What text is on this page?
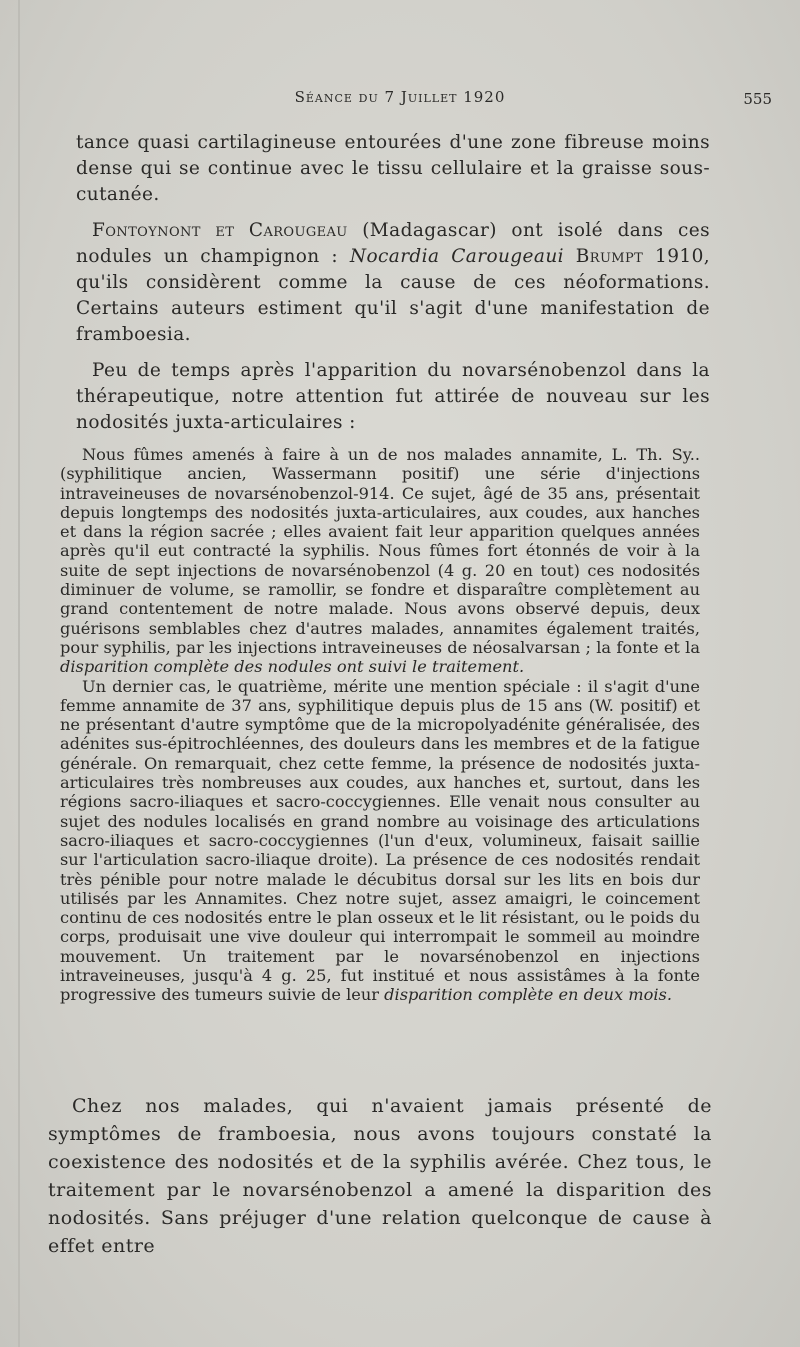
Séance du 7 Juillet 1920	555

tance quasi cartilagineuse entourées d'une zone fibreuse moins dense qui se continue avec le tissu cellulaire et la graisse sous-cutanée.

Fontoynont et Carougeau (Madagascar) ont isolé dans ces nodules un champignon : Nocardia Carougeaui Brumpt 1910, qu'ils considèrent comme la cause de ces néoformations. Certains auteurs estiment qu'il s'agit d'une manifestation de framboesia.

Peu de temps après l'apparition du novarsénobenzol dans la thérapeutique, notre attention fut attirée de nouveau sur les nodosités juxta-articulaires :

Nous fûmes amenés à faire à un de nos malades annamite, L. Th. Sy.. (syphilitique ancien, Wassermann positif) une série d'injections intraveineuses de novarsénobenzol-914. Ce sujet, âgé de 35 ans, présentait depuis longtemps des nodosités juxta-articulaires, aux coudes, aux hanches et dans la région sacrée ; elles avaient fait leur apparition quelques années après qu'il eut contracté la syphilis. Nous fûmes fort étonnés de voir à la suite de sept injections de novarsénobenzol (4 g. 20 en tout) ces nodosités diminuer de volume, se ramollir, se fondre et disparaître complètement au grand contentement de notre malade. Nous avons observé depuis, deux guérisons semblables chez d'autres malades, annamites également traités, pour syphilis, par les injections intraveineuses de néosalvarsan ; la fonte et la disparition complète des nodules ont suivi le traitement.

Un dernier cas, le quatrième, mérite une mention spéciale : il s'agit d'une femme annamite de 37 ans, syphilitique depuis plus de 15 ans (W. positif) et ne présentant d'autre symptôme que de la micropolyadénite généralisée, des adénites sus-épitrochléennes, des douleurs dans les membres et de la fatigue générale. On remarquait, chez cette femme, la présence de nodosités juxta-articulaires très nombreuses aux coudes, aux hanches et, surtout, dans les régions sacro-iliaques et sacro-coccygiennes. Elle venait nous consulter au sujet des nodules localisés en grand nombre au voisinage des articulations sacro-iliaques et sacro-coccygiennes (l'un d'eux, volumineux, faisait saillie sur l'articulation sacro-iliaque droite). La présence de ces nodosités rendait très pénible pour notre malade le décubitus dorsal sur les lits en bois dur utilisés par les Annamites. Chez notre sujet, assez amaigri, le coincement continu de ces nodosités entre le plan osseux et le lit résistant, ou le poids du corps, produisait une vive douleur qui interrompait le sommeil au moindre mouvement. Un traitement par le novarsénobenzol en injections intraveineuses, jusqu'à 4 g. 25, fut institué et nous assistâmes à la fonte progressive des tumeurs suivie de leur disparition complète en deux mois.

Chez nos malades, qui n'avaient jamais présenté de symptômes de framboesia, nous avons toujours constaté la coexistence des nodosités et de la syphilis avérée. Chez tous, le traitement par le novarsénobenzol a amené la disparition des nodosités. Sans préjuger d'une relation quelconque de cause à effet entre
